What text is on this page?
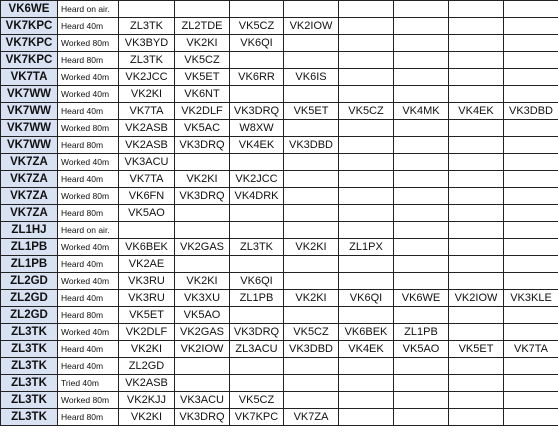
VK6WE	Heard on air.								
VK7KPC	Heard 40m	ZL3TK	ZL2TDE	VK5CZ	VK2IOW				
VK7KPC	Worked 80m	VK3BYD	VK2KI	VK6QI					
VK7KPC	Heard 80m	ZL3TK	VK5CZ						
VK7TA	Worked 40m	VK2JCC	VK5ET	VK6RR	VK6IS				
VK7WW	Worked 40m	VK2KI	VK6NT						
VK7WW	Heard 40m	VK7TA	VK2DLF	VK3DRQ	VK5ET	VK5CZ	VK4MK	VK4EK	VK3DBD
VK7WW	Worked 80m	VK2ASB	VK5AC	W8XW					
VK7WW	Heard 80m	VK2ASB	VK3DRQ	VK4EK	VK3DBD				
VK7ZA	Worked 40m	VK3ACU							
VK7ZA	Heard 40m	VK7TA	VK2KI	VK2JCC					
VK7ZA	Worked 80m	VK6FN	VK3DRQ	VK4DRK					
VK7ZA	Heard 80m	VK5AO							
ZL1HJ	Heard on air.								
ZL1PB	Worked 40m	VK6BEK	VK2GAS	ZL3TK	VK2KI	ZL1PX			
ZL1PB	Heard 40m	VK2AE							
ZL2GD	Worked 40m	VK3RU	VK2KI	VK6QI					
ZL2GD	Heard 40m	VK3RU	VK3XU	ZL1PB	VK2KI	VK6QI	VK6WE	VK2IOW	VK3KLE
ZL2GD	Heard 80m	VK5ET	VK5AO						
ZL3TK	Worked 40m	VK2DLF	VK2GAS	VK3DRQ	VK5CZ	VK6BEK	ZL1PB		
ZL3TK	Heard 40m	VK2KI	VK2IOW	ZL3ACU	VK3DBD	VK4EK	VK5AO	VK5ET	VK7TA
ZL3TK	Heard 40m	ZL2GD							
ZL3TK	Tried 40m	VK2ASB							
ZL3TK	Worked 80m	VK2KJJ	VK3ACU	VK5CZ					
ZL3TK	Heard 80m	VK2KI	VK3DRQ	VK7KPC	VK7ZA				
